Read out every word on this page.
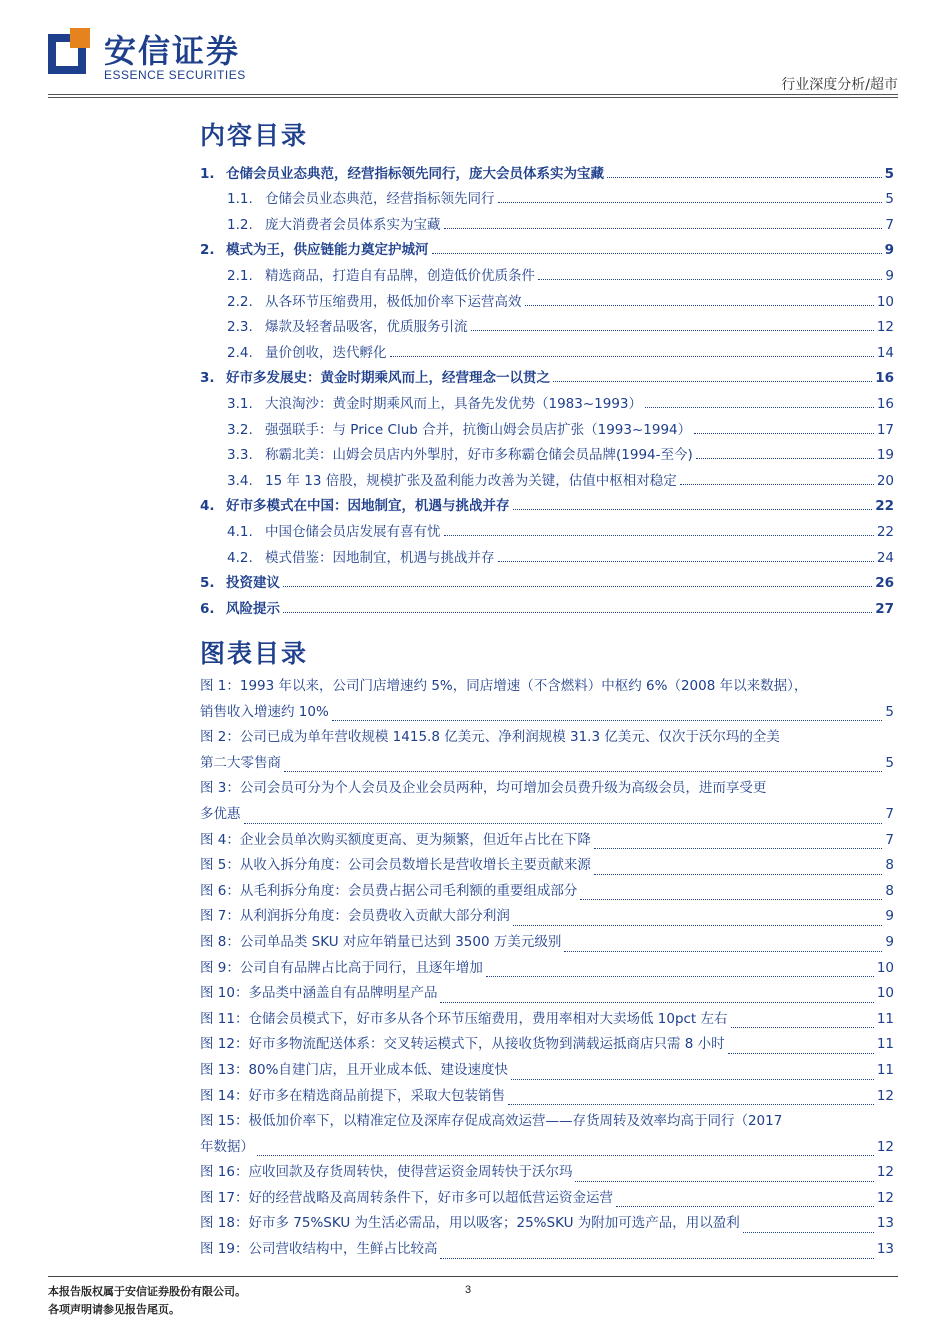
安信证券
ESSENCE SECURITIES
行业深度分析/超市
内容目录
1. 仓储会员业态典范，经营指标领先同行，庞大会员体系实为宝藏	5
1.1. 仓储会员业态典范，经营指标领先同行	5
1.2. 庞大消费者会员体系实为宝藏	7
2. 模式为王，供应链能力奠定护城河	9
2.1. 精选商品，打造自有品牌，创造低价优质条件	9
2.2. 从各环节压缩费用，极低加价率下运营高效	10
2.3. 爆款及轻奢品吸客，优质服务引流	12
2.4. 量价创收，迭代孵化	14
3. 好市多发展史：黄金时期乘风而上，经营理念一以贯之	16
3.1. 大浪淘沙：黄金时期乘风而上，具备先发优势（1983~1993）	16
3.2. 强强联手：与 Price Club 合并，抗衡山姆会员店扩张（1993~1994）	17
3.3. 称霸北美：山姆会员店内外掣肘，好市多称霸仓储会员品牌(1994-至今)	19
3.4. 15 年 13 倍股，规模扩张及盈利能力改善为关键，估值中枢相对稳定	20
4. 好市多模式在中国：因地制宜，机遇与挑战并存	22
4.1. 中国仓储会员店发展有喜有忧	22
4.2. 模式借鉴：因地制宜，机遇与挑战并存	24
5. 投资建议	26
6. 风险提示	27
图表目录
图 1：1993 年以来，公司门店增速约 5%，同店增速（不含燃料）中枢约 6%（2008 年以来数据），
销售收入增速约 10%	5
图 2：公司已成为单年营收规模 1415.8 亿美元、净利润规模 31.3 亿美元、仅次于沃尔玛的全美
第二大零售商	5
图 3：公司会员可分为个人会员及企业会员两种，均可增加会员费升级为高级会员，进而享受更
多优惠	7
图 4：企业会员单次购买额度更高、更为频繁，但近年占比在下降	7
图 5：从收入拆分角度：公司会员数增长是营收增长主要贡献来源	8
图 6：从毛利拆分角度：会员费占据公司毛利额的重要组成部分	8
图 7：从利润拆分角度：会员费收入贡献大部分利润	9
图 8：公司单品类 SKU 对应年销量已达到 3500 万美元级别	9
图 9：公司自有品牌占比高于同行，且逐年增加	10
图 10：多品类中涵盖自有品牌明星产品	10
图 11：仓储会员模式下，好市多从各个环节压缩费用，费用率相对大卖场低 10pct 左右	11
图 12：好市多物流配送体系：交叉转运模式下，从接收货物到满载运抵商店只需 8 小时	11
图 13：80%自建门店，且开业成本低、建设速度快	11
图 14：好市多在精选商品前提下，采取大包装销售	12
图 15：极低加价率下，以精准定位及深库存促成高效运营——存货周转及效率均高于同行（2017
年数据）	12
图 16：应收回款及存货周转快，使得营运资金周转快于沃尔玛	12
图 17：好的经营战略及高周转条件下，好市多可以超低营运资金运营	12
图 18：好市多 75%SKU 为生活必需品，用以吸客；25%SKU 为附加可选产品，用以盈利	13
图 19：公司营收结构中，生鲜占比较高	13
本报告版权属于安信证券股份有限公司。
各项声明请参见报告尾页。
3
